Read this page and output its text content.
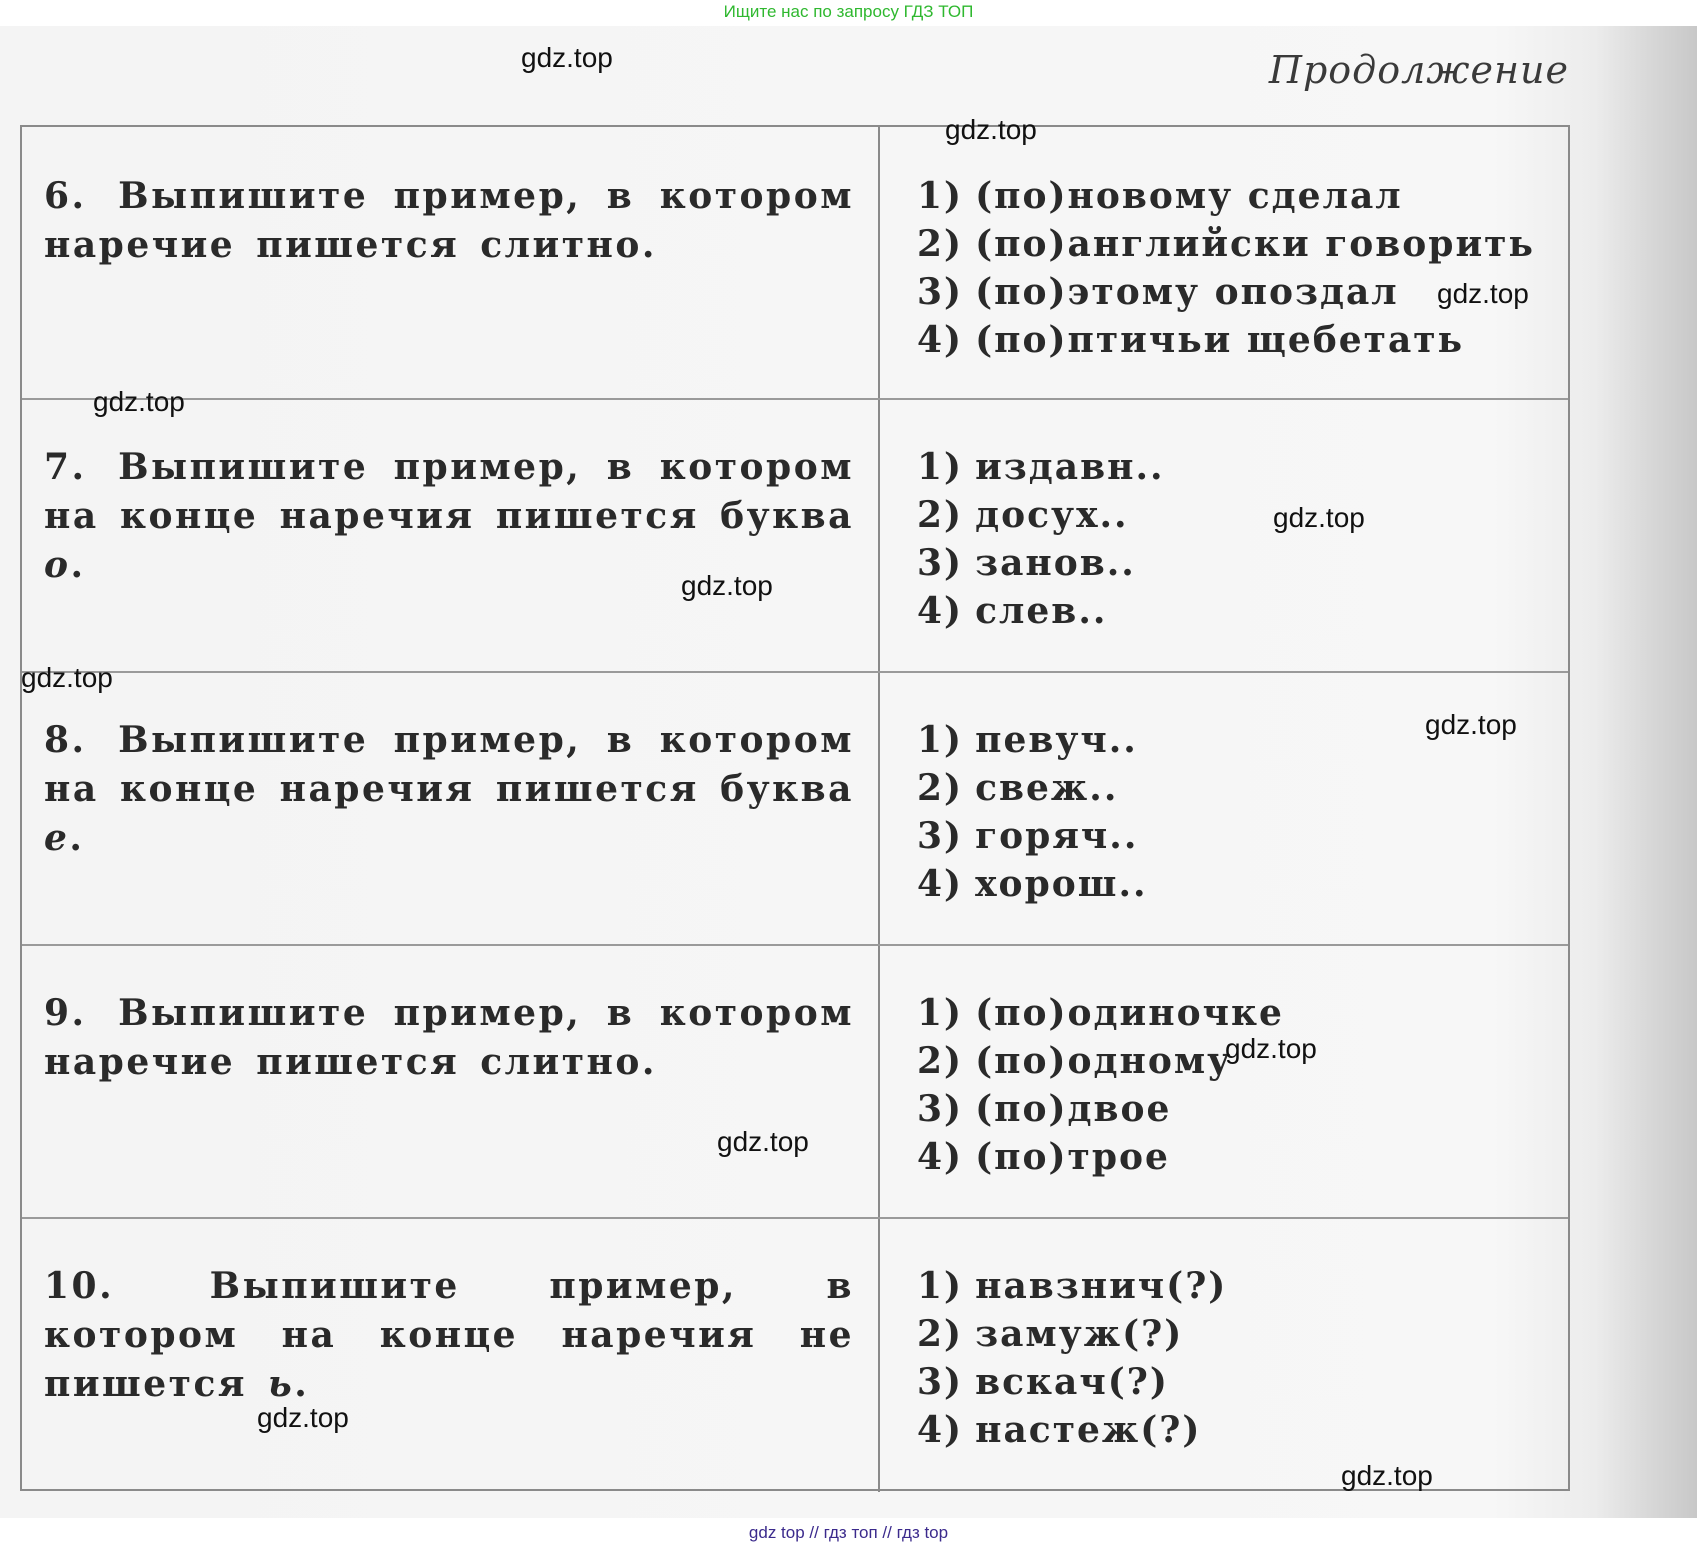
Ищите нас по запросу ГДЗ ТОП
Продолжение
6. Выпишите пример, в котором наречие пишется слитно.
1) (по)новому сделал
2) (по)английски говорить
3) (по)этому опоздал
4) (по)птичьи щебетать
7. Выпишите пример, в котором на конце наречия пишется буква о.
1) издавн..
2) досух..
3) занов..
4) слев..
8. Выпишите пример, в котором на конце наречия пишется буква е.
1) певуч..
2) свеж..
3) горяч..
4) хорош..
9. Выпишите пример, в котором наречие пишется слитно.
1) (по)одиночке
2) (по)одному
3) (по)двое
4) (по)трое
10.	Выпишите пример, в котором на конце наречия не пишется ь.
1) навзнич(?)
2) замуж(?)
3) вскач(?)
4) настеж(?)
gdz.top
gdz.top
gdz.top
gdz.top
gdz.top
gdz.top
gdz.top
gdz.top
gdz.top
gdz.top
gdz.top
gdz.top
gdz top // гдз топ // гдз top
